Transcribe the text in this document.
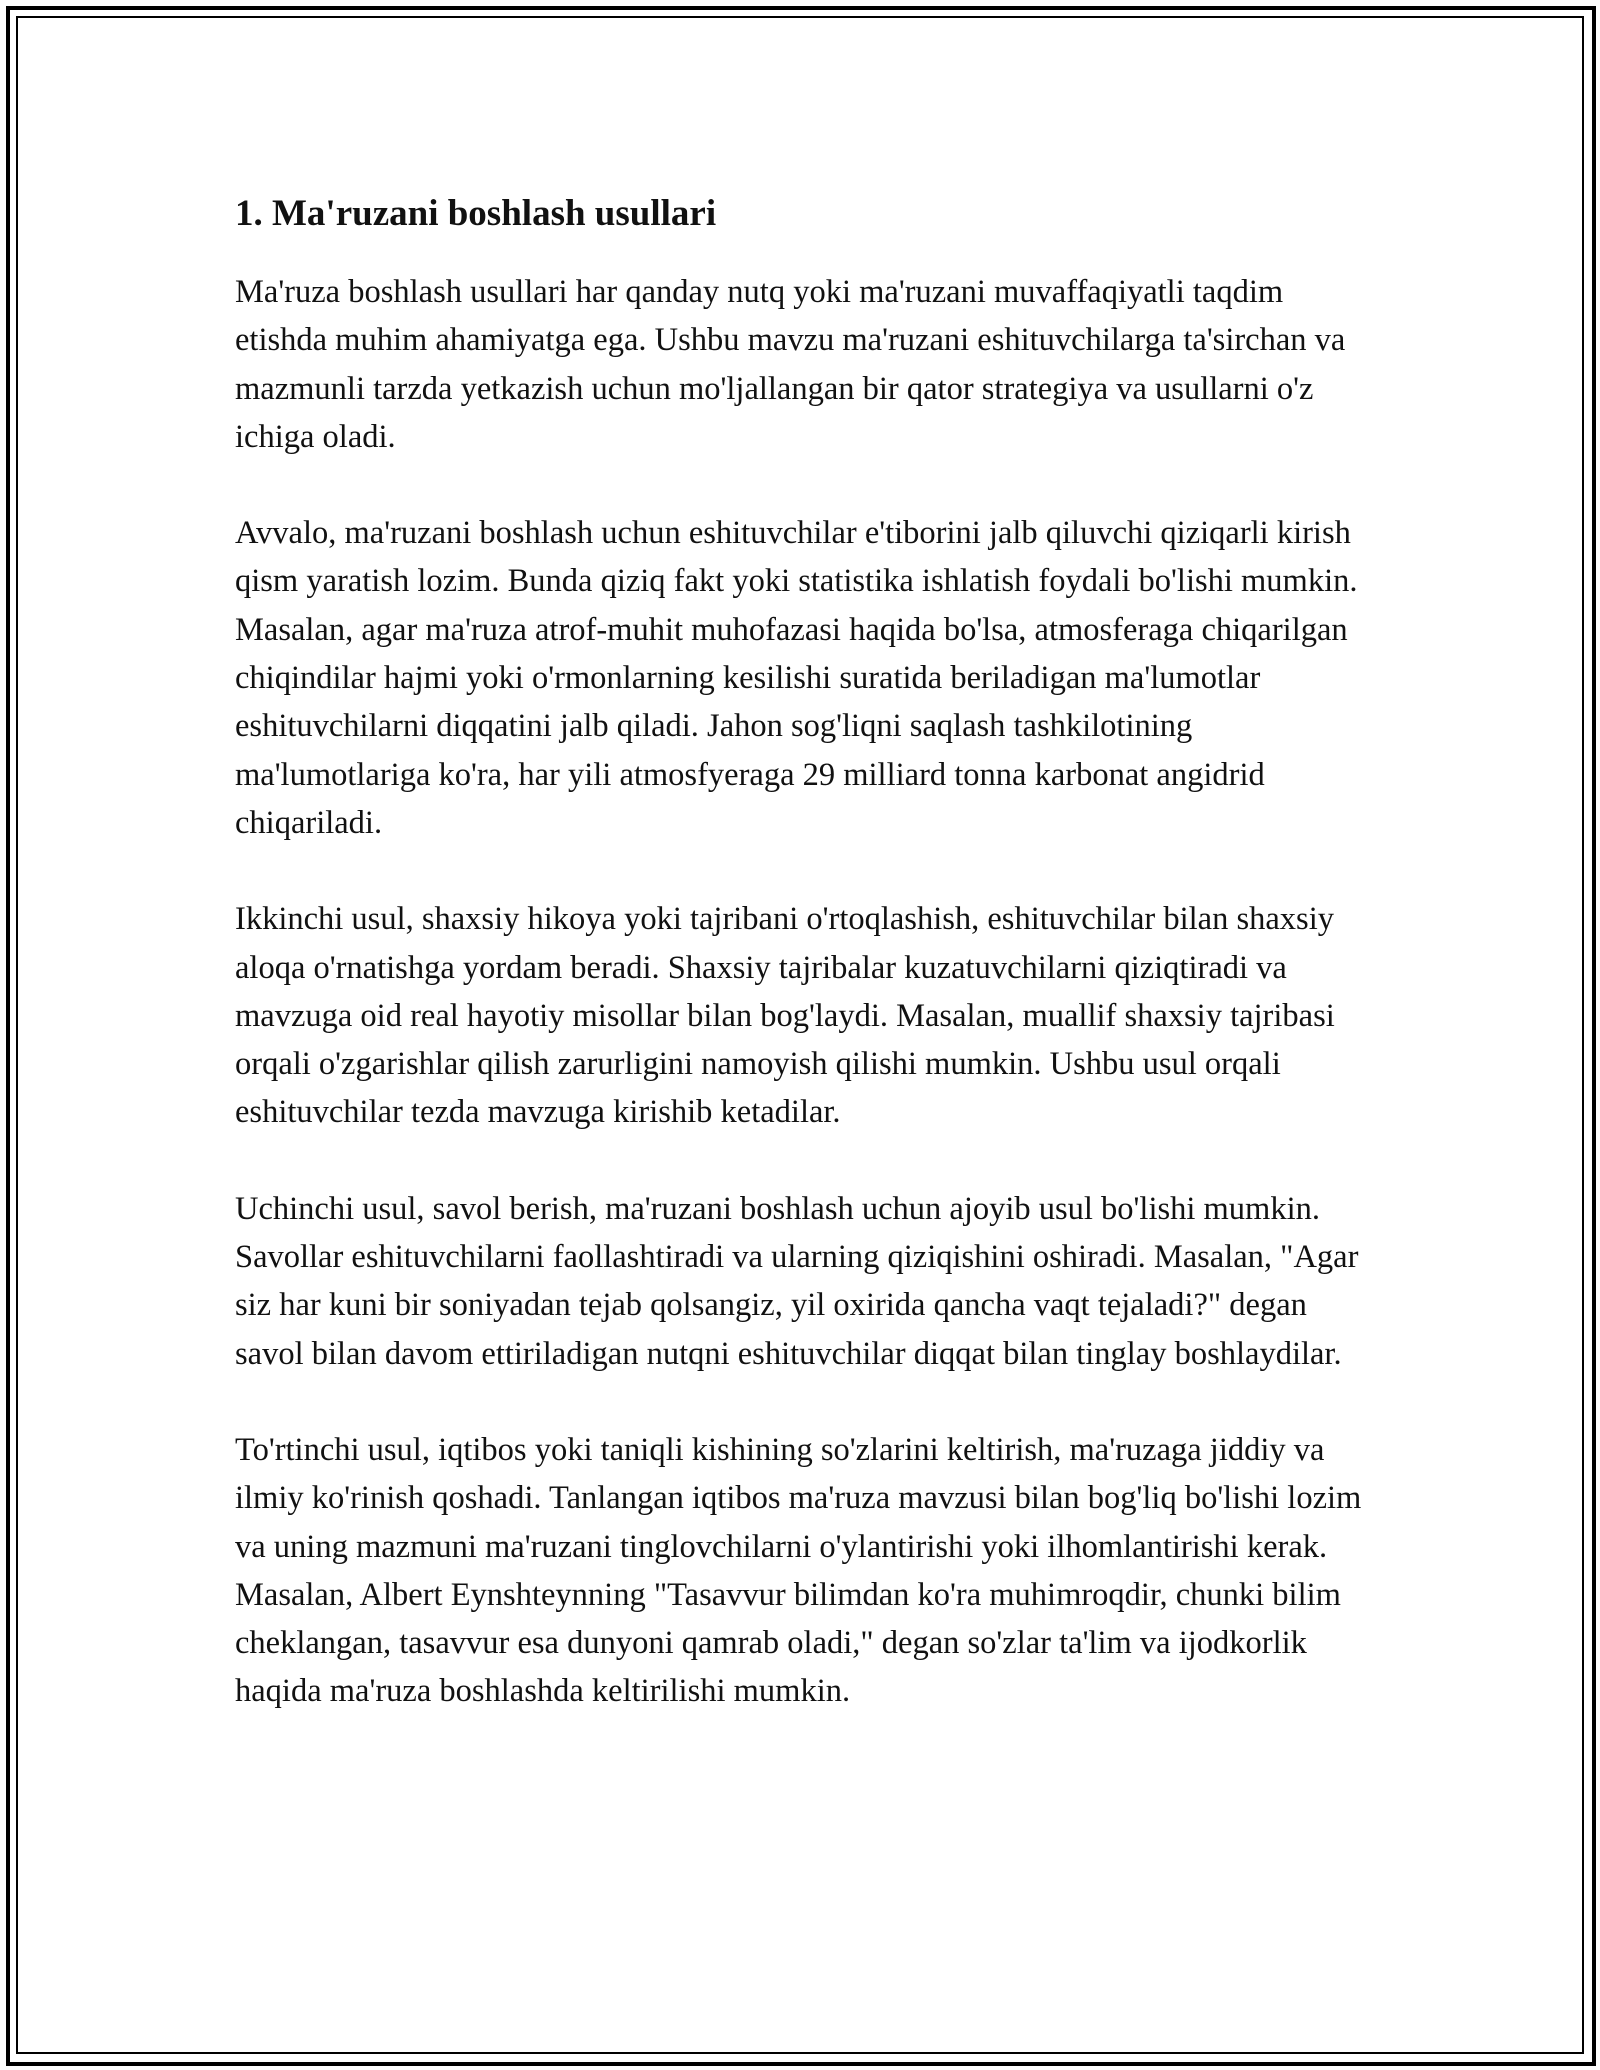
1. Ma'ruzani boshlash usullari

Ma'ruza boshlash usullari har qanday nutq yoki ma'ruzani muvaffaqiyatli taqdim etishda muhim ahamiyatga ega. Ushbu mavzu ma'ruzani eshituvchilarga ta'sirchan va mazmunli tarzda yetkazish uchun mo'ljallangan bir qator strategiya va usullarni o'z ichiga oladi.

Avvalo, ma'ruzani boshlash uchun eshituvchilar e'tiborini jalb qiluvchi qiziqarli kirish qism yaratish lozim. Bunda qiziq fakt yoki statistika ishlatish foydali bo'lishi mumkin. Masalan, agar ma'ruza atrof-muhit muhofazasi haqida bo'lsa, atmosferaga chiqarilgan chiqindilar hajmi yoki o'rmonlarning kesilishi suratida beriladigan ma'lumotlar eshituvchilarni diqqatini jalb qiladi. Jahon sog'liqni saqlash tashkilotining ma'lumotlariga ko'ra, har yili atmosfyeraga 29 milliard tonna karbonat angidrid chiqariladi.

Ikkinchi usul, shaxsiy hikoya yoki tajribani o'rtoqlashish, eshituvchilar bilan shaxsiy aloqa o'rnatishga yordam beradi. Shaxsiy tajribalar kuzatuvchilarni qiziqtiradi va mavzuga oid real hayotiy misollar bilan bog'laydi. Masalan, muallif shaxsiy tajribasi orqali o'zgarishlar qilish zarurligini namoyish qilishi mumkin. Ushbu usul orqali eshituvchilar tezda mavzuga kirishib ketadilar.

Uchinchi usul, savol berish, ma'ruzani boshlash uchun ajoyib usul bo'lishi mumkin. Savollar eshituvchilarni faollashtiradi va ularning qiziqishini oshiradi. Masalan, "Agar siz har kuni bir soniyadan tejab qolsangiz, yil oxirida qancha vaqt tejaladi?" degan savol bilan davom ettiriladigan nutqni eshituvchilar diqqat bilan tinglay boshlaydilar.

To'rtinchi usul, iqtibos yoki taniqli kishining so'zlarini keltirish, ma'ruzaga jiddiy va ilmiy ko'rinish qoshadi. Tanlangan iqtibos ma'ruza mavzusi bilan bog'liq bo'lishi lozim va uning mazmuni ma'ruzani tinglovchilarni o'ylantirishi yoki ilhomlantirishi kerak. Masalan, Albert Eynshteynning "Tasavvur bilimdan ko'ra muhimroqdir, chunki bilim cheklangan, tasavvur esa dunyoni qamrab oladi," degan so'zlar ta'lim va ijodkorlik haqida ma'ruza boshlashda keltirilishi mumkin.
